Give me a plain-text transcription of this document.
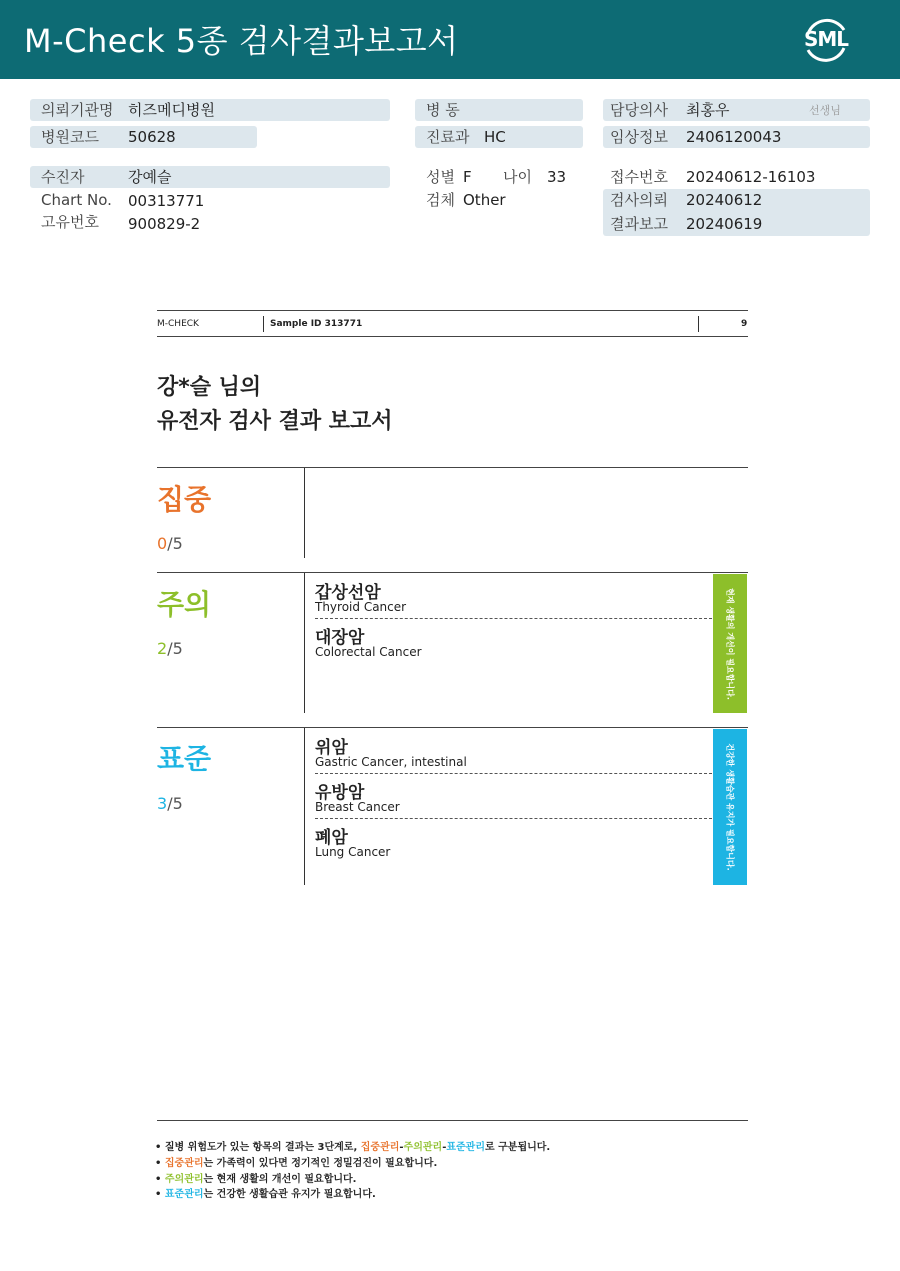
M-Check 5종 검사결과보고서	SML
의뢰기관명 히즈메디병원
병원코드 50628
수진자	강예슬
Chart No. 00313771
고유번호 900829-2
병 동
진료과 HC
성별 F 나이 33
검체 Other
담당의사 최홍우	선생님
임상정보 2406120043
접수번호 20240612-16103
검사의뢰 20240612
결과보고 20240619
M-CHECK	Sample ID 313771	9
강*슬 님의
유전자 검사 결과 보고서
집중
0/5
주의
2/5	현재 생활의 개선이 필요합니다.
갑상선암
Thyroid Cancer
대장암
Colorectal Cancer
표준
3/5	건강한 생활습관 유지가 필요합니다.
위암
Gastric Cancer, intestinal
유방암
Breast Cancer
폐암
Lung Cancer
• 질병 위험도가 있는 항목의 결과는 3단계로, 집중관리-주의관리-표준관리로 구분됩니다.
• 집중관리는 가족력이 있다면 정기적인 정밀검진이 필요합니다.
• 주의관리는 현재 생활의 개선이 필요합니다.
• 표준관리는 건강한 생활습관 유지가 필요합니다.
